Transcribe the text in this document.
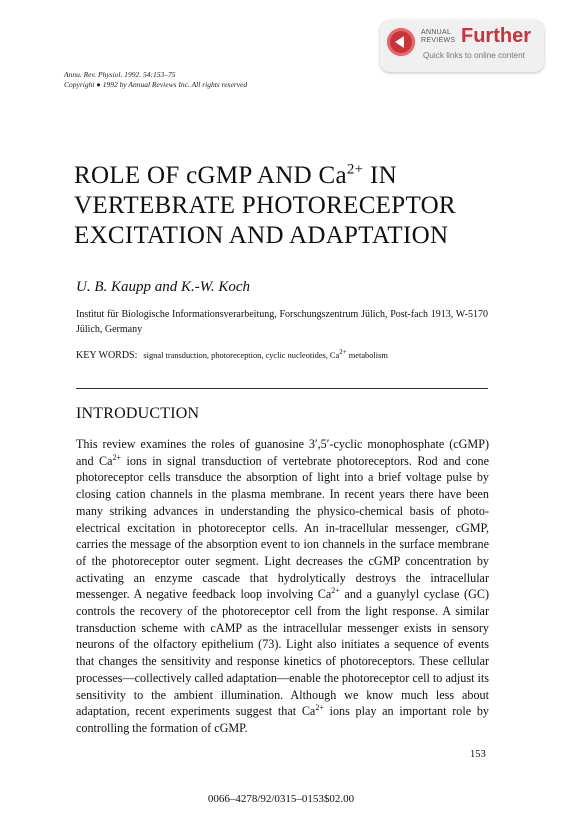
ANNUAL
REVIEWS Further
Quick links to online content
Annu. Rev. Physiol. 1992. 54:153–75
Copyright ● 1992 by Annual Reviews Inc. All rights reserved
ROLE OF cGMP AND $Ca^{2+}$ IN
VERTEBRATE PHOTORECEPTOR
EXCITATION AND ADAPTATION
U. B. Kaupp and K.-W. Koch
Institut für Biologische Informationsverarbeitung, Forschungszentrum Jülich, Post-fach 1913, W-5170 Jülich, Germany
KEY WORDS: signal transduction, photoreception, cyclic nucleotides, $Ca^{2+}$ metabolism
INTRODUCTION

This review examines the roles of guanosine 3′,5′-cyclic monophosphate (cGMP) and $Ca^{2+}$ ions in signal transduction of vertebrate photoreceptors. Rod and cone photoreceptor cells transduce the absorption of light into a brief voltage pulse by closing cation channels in the plasma membrane. In recent years there have been many striking advances in understanding the physico-chemical basis of photo-electrical excitation in photoreceptor cells. An in-tracellular messenger, cGMP, carries the message of the absorption event to ion channels in the surface membrane of the photoreceptor outer segment. Light decreases the cGMP concentration by activating an enzyme cascade that hydrolytically destroys the intracellular messenger. A negative feedback loop involving $Ca^{2+}$ and a guanylyl cyclase (GC) controls the recovery of the photoreceptor cell from the light response. A similar transduction scheme with cAMP as the intracellular messenger exists in sensory neurons of the olfactory epithelium (73). Light also initiates a sequence of events that changes the sensitivity and response kinetics of photoreceptors. These cellular processes—collectively called adaptation—enable the photoreceptor cell to adjust its sensitivity to the ambient illumination. Although we know much less about adaptation, recent experiments suggest that $Ca^{2+}$ ions play an important role by controlling the formation of cGMP.

153
0066–4278/92/0315–0153$02.00
